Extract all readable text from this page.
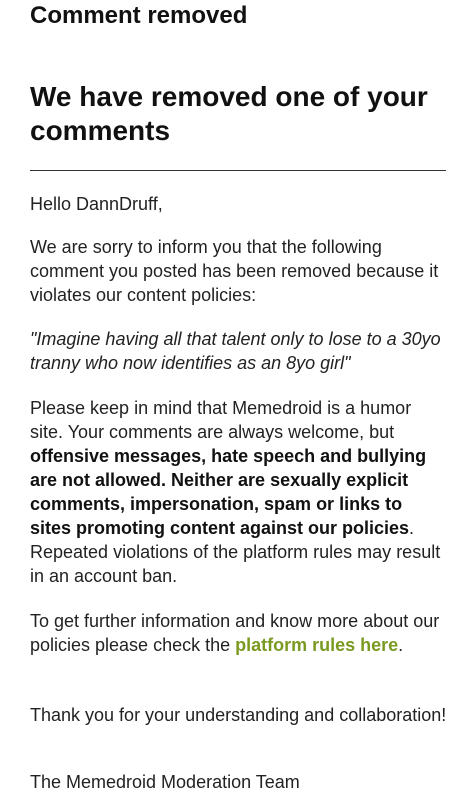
Comment removed
We have removed one of your comments

Hello DannDruff,

We are sorry to inform you that the following comment you posted has been removed because it violates our content policies:

"Imagine having all that talent only to lose to a 30yo tranny who now identifies as an 8yo girl"

Please keep in mind that Memedroid is a humor site. Your comments are always welcome, but offensive messages, hate speech and bullying are not allowed. Neither are sexually explicit comments, impersonation, spam or links to sites promoting content against our policies. Repeated violations of the platform rules may result in an account ban.

To get further information and know more about our policies please check the platform rules here.

Thank you for your understanding and collaboration!

The Memedroid Moderation Team
